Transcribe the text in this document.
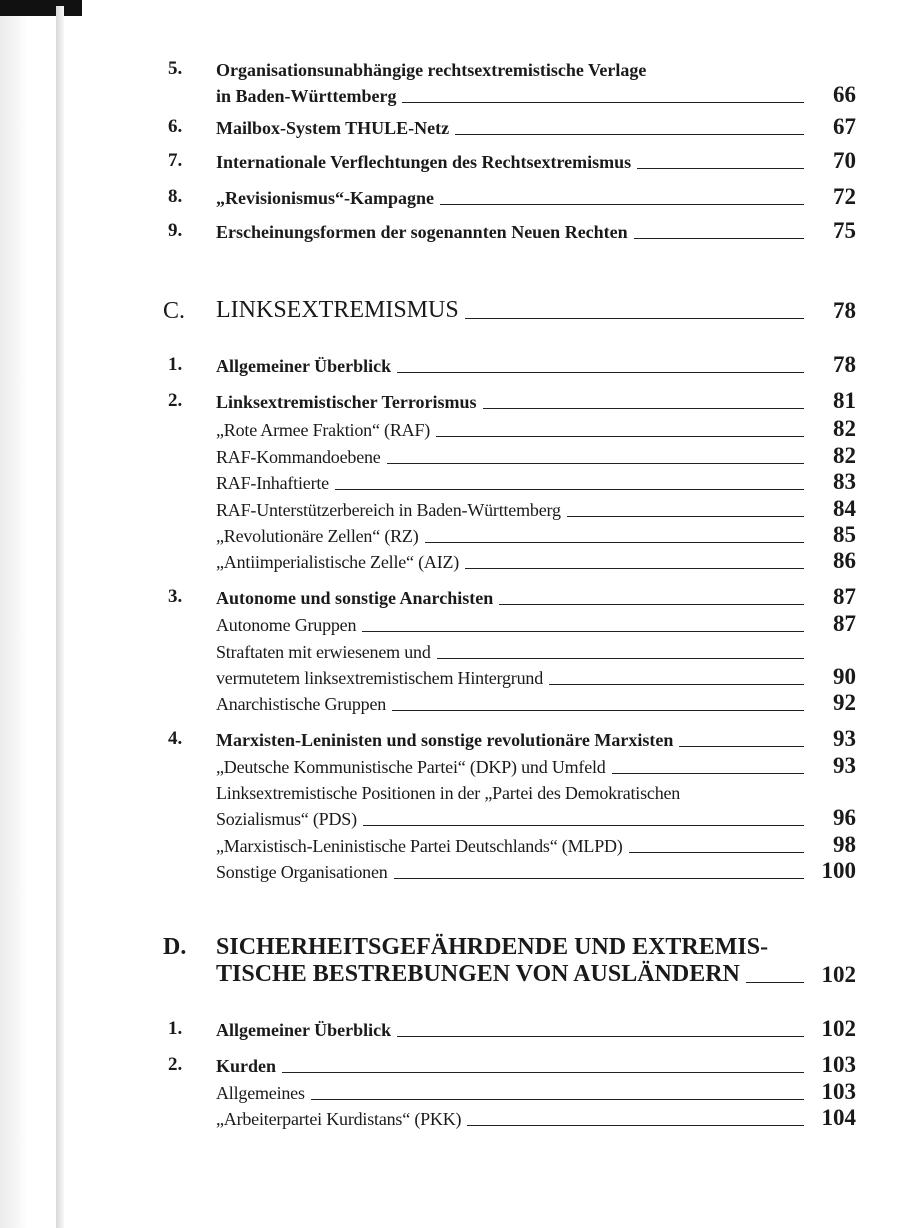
5.	Organisationsunabhängige rechtsextremistische Verlage
in Baden-Württemberg	66
6.	Mailbox-System THULE-Netz	67
7.	Internationale Verflechtungen des Rechtsextremismus	70
8.	„Revisionismus“-Kampagne	72
9.	Erscheinungsformen der sogenannten Neuen Rechten	75
C.	LINKSEXTREMISMUS	78
1.	Allgemeiner Überblick	78
2.	Linksextremistischer Terrorismus	81
„Rote Armee Fraktion“ (RAF)	82
RAF-Kommandoebene	82
RAF-Inhaftierte	83
RAF-Unterstützerbereich in Baden-Württemberg	84
„Revolutionäre Zellen“ (RZ)	85
„Antiimperialistische Zelle“ (AIZ)	86
3.	Autonome und sonstige Anarchisten	87
Autonome Gruppen	87
Straftaten mit erwiesenem und
vermutetem linksextremistischem Hintergrund	90
Anarchistische Gruppen	92
4.	Marxisten-Leninisten und sonstige revolutionäre Marxisten	93
„Deutsche Kommunistische Partei“ (DKP) und Umfeld	93
Linksextremistische Positionen in der „Partei des Demokratischen
Sozialismus“ (PDS)	96
„Marxistisch-Leninistische Partei Deutschlands“ (MLPD)	98
Sonstige Organisationen	100
D.	SICHERHEITSGEFÄHRDENDE UND EXTREMIS-
TISCHE BESTREBUNGEN VON AUSLÄNDERN	102
1.	Allgemeiner Überblick	102
2.	Kurden	103
Allgemeines	103
„Arbeiterpartei Kurdistans“ (PKK)	104
